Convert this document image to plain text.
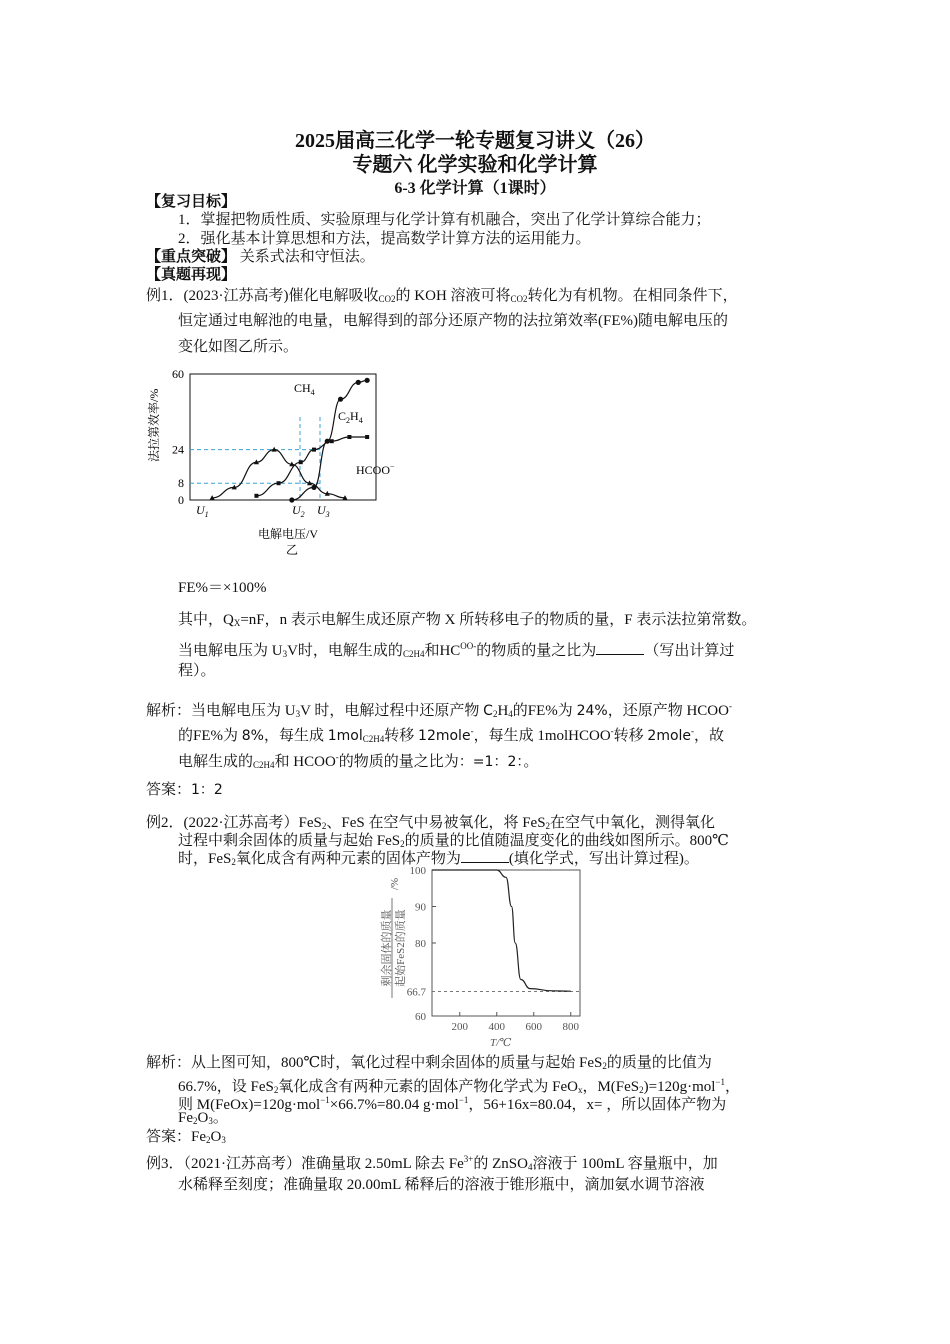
2025届高三化学一轮专题复习讲义（26）
专题六 化学实验和化学计算
6-3 化学计算（1课时）
【复习目标】
1．掌握把物质性质、实验原理与化学计算有机融合，突出了化学计算综合能力；
2．强化基本计算思想和方法，提高数学计算方法的运用能力。
【重点突破】 关系式法和守恒法。
【真题再现】
例1．(2023·江苏高考)催化电解吸收$_{CO2}$的 KOH 溶液可将$_{CO2}$转化为有机物。在相同条件下，
恒定通过电解池的电量，电解得到的部分还原产物的法拉第效率(FE%)随电解电压的
变化如图乙所示。
60
24
8
0
法拉第效率/%
$U_1$	$U_2$ $U_3$
电解电压/V
乙
$CH_4$
$C_2H_4$
HCOO−
FE%＝×100%
其中，$Q_X=nF$，n 表示电解生成还原产物 X 所转移电子的物质的量，F 表示法拉第常数。
当电解电压为 $U_3V$时，电解生成的$_{C2H4}$和$HC^{OO-}$的物质的量之比为	（写出计算过
程）。
解析：当电解电压为 $U_3V$ 时，电解过程中还原产物 $C_2H_4$的FE%为 24%，还原产物 HCOO-
的FE%为 8%，每生成 1mol$_{C2H4}$转移 12mole-，每生成 1molHCOO-转移 2mole-，故
电解生成的$_{C2H4}$和 HCOO-的物质的量之比为：=1：2：。
答案：1：2
例2．(2022·江苏高考）FeS$_2$、FeS 在空气中易被氧化，将 FeS$_2$在空气中氧化，测得氧化
过程中剩余固体的质量与起始 FeS$_2$的质量的比值随温度变化的曲线如图所示。800℃
时，FeS$_2$氧化成含有两种元素的固体产物为	(填化学式，写出计算过程)。
100
90
80
66.7
60
200 400 600 800
T/℃
剩余固体的质量 起始FeS2的质量
/%
解析：从上图可知，800℃时，氧化过程中剩余固体的质量与起始 FeS$_2$的质量的比值为
66.7%，设 FeS$_2$氧化成含有两种元素的固体产物化学式为 FeO$_x$，M(FeS$_2$)=120g·mol$^{-1}$，
则 M(FeOx)=120g·mol$^{-1}$×66.7%=80.04 g·mol$^{-1}$，56+16x=80.04，x= ，所以固体产物为
$Fe_2O_3$。
答案：$Fe_2O_3$
例3．（2021·江苏高考）准确量取 2.50mL 除去 $Fe^{3+}$的 ZnSO$_4$溶液于 100mL 容量瓶中，加
水稀释至刻度；准确量取 20.00mL 稀释后的溶液于锥形瓶中，滴加氨水调节溶液
